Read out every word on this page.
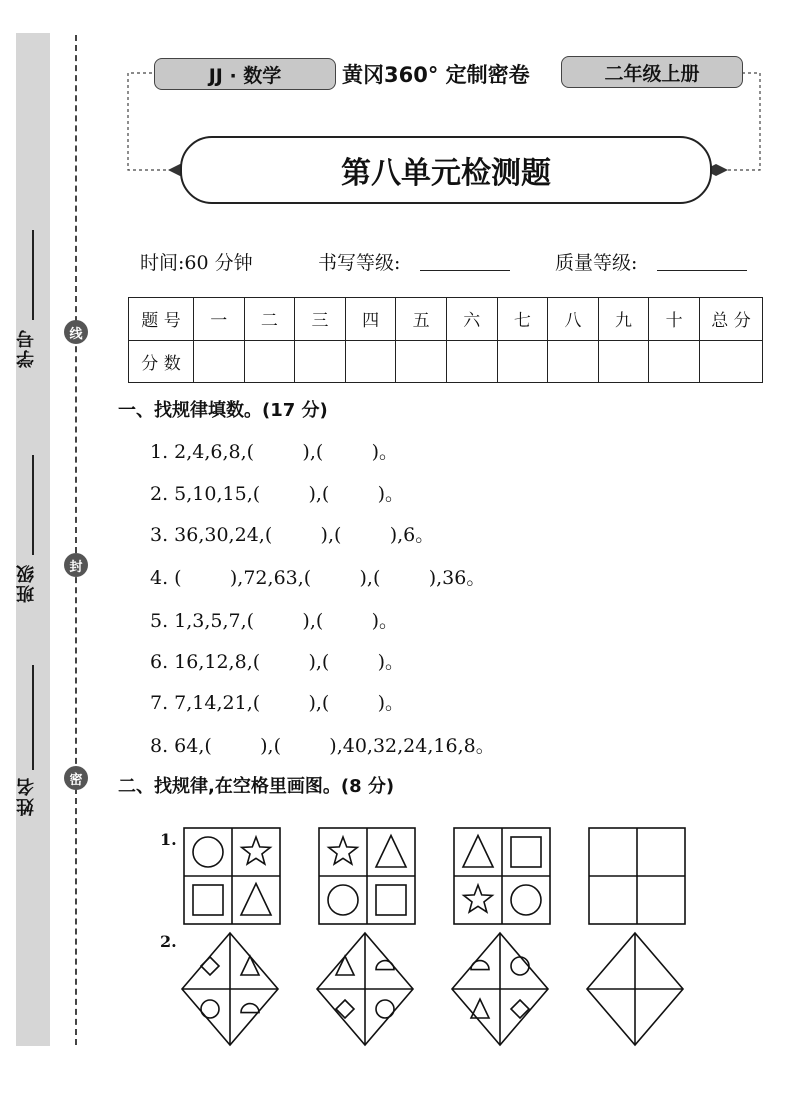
学号
班级
姓名
线
封
密
JJ · 数学	黄冈360° 定制密卷	二年级上册
第八单元检测题
时间:60 分钟	书写等级:	质量等级:
题 号	一	二	三	四	五	六	七	八	九	十	总 分
分 数											
一、找规律填数。(17 分)
1. 2,4,6,8,(        ),(        )。
2. 5,10,15,(        ),(        )。
3. 36,30,24,(        ),(        ),6。
4. (        ),72,63,(        ),(        ),36。
5. 1,3,5,7,(        ),(        )。
6. 16,12,8,(        ),(        )。
7. 7,14,21,(        ),(        )。
8. 64,(        ),(        ),40,32,24,16,8。
二、找规律,在空格里画图。(8 分)
1.
2.
